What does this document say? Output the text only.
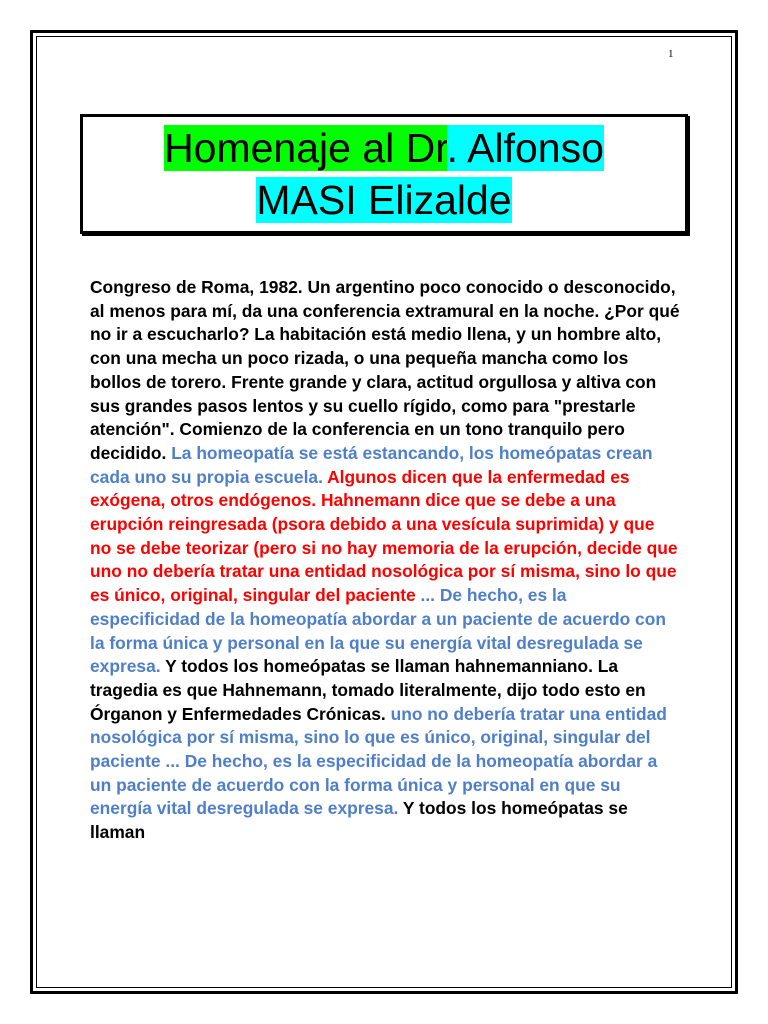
1
Homenaje al Dr. Alfonso
MASI Elizalde

Congreso de Roma, 1982. Un argentino poco conocido o desconocido, al menos para mí, da una conferencia extramural en la noche. ¿Por qué no ir a escucharlo? La habitación está medio llena, y un hombre alto, con una mecha un poco rizada, o una pequeña mancha como los bollos de torero. Frente grande y clara, actitud orgullosa y altiva con sus grandes pasos lentos y su cuello rígido, como para "prestarle atención". Comienzo de la conferencia en un tono tranquilo pero decidido. La homeopatía se está estancando, los homeópatas crean cada uno su propia escuela. Algunos dicen que la enfermedad es exógena, otros endógenos. Hahnemann dice que se debe a una erupción reingresada (psora debido a una vesícula suprimida) y que no se debe teorizar (pero si no hay memoria de la erupción, decide que uno no debería tratar una entidad nosológica por sí misma, sino lo que es único, original, singular del paciente ... De hecho, es la especificidad de la homeopatía abordar a un paciente de acuerdo con la forma única y personal en la que su energía vital desregulada se expresa. Y todos los homeópatas se llaman hahnemanniano. La tragedia es que Hahnemann, tomado literalmente, dijo todo esto en Órganon y Enfermedades Crónicas. uno no debería tratar una entidad nosológica por sí misma, sino lo que es único, original, singular del paciente ... De hecho, es la especificidad de la homeopatía abordar a un paciente de acuerdo con la forma única y personal en que su energía vital desregulada se expresa. Y todos los homeópatas se llaman
